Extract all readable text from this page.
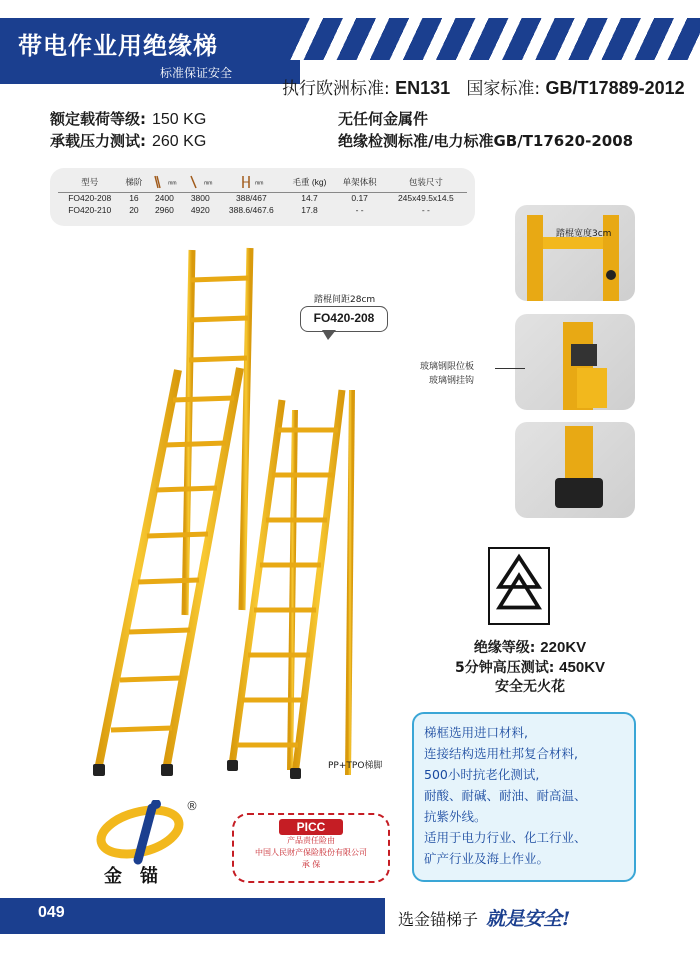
带电作业用绝缘梯
标准保证安全
执行欧洲标准: EN131 国家标准: GB/T17889-2012
额定载荷等级: 150 KG
承载压力测试: 260 KG
无任何金属件
绝缘检测标准/电力标准GB/T17620-2008
型号	梯阶	mm	mm	mm	毛重 (kg)	单架体积	包装尺寸
FO420-208	16	2400	3800	388/467	14.7	0.17	245x49.5x14.5
FO420-210	20	2960	4920	388.6/467.6	17.8	- -	- -
踏棍间距28cm
FO420-208
踏棍宽度3cm
玻璃钢限位板
玻璃钢挂钩
绝缘等级: 220KV
5分钟高压测试: 450KV
安全无火花
梯框选用进口材料,
连接结构选用杜邦复合材料,
500小时抗老化测试,
耐酸、耐碱、耐油、耐高温、
抗紫外线。
适用于电力行业、化工行业、
矿产行业及海上作业。
PP+TPO梯脚
PICC
产品责任险由
中国人民财产保险股份有限公司
承 保
®
金锚
049	选金锚梯子 就是安全!
